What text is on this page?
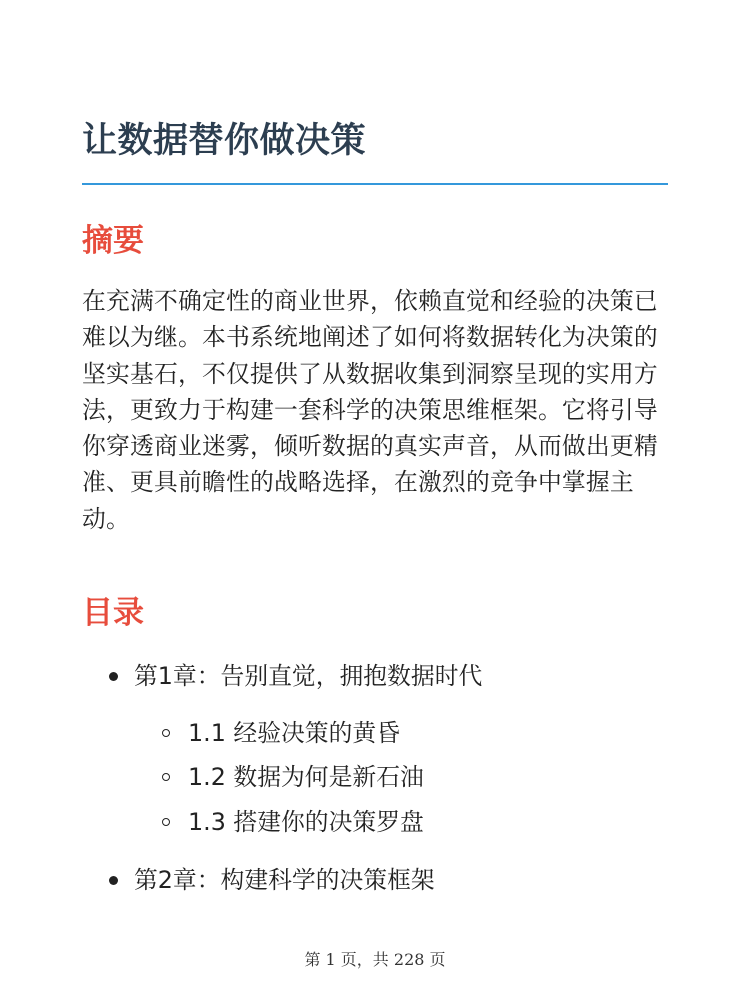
让数据替你做决策
摘要

在充满不确定性的商业世界，依赖直觉和经验的决策已难以为继。本书系统地阐述了如何将数据转化为决策的坚实基石，不仅提供了从数据收集到洞察呈现的实用方法，更致力于构建一套科学的决策思维框架。它将引导你穿透商业迷雾，倾听数据的真实声音，从而做出更精准、更具前瞻性的战略选择，在激烈的竞争中掌握主动。

目录
第1章：告别直觉，拥抱数据时代
1.1 经验决策的黄昏
1.2 数据为何是新石油
1.3 搭建你的决策罗盘
第2章：构建科学的决策框架
第 1 页，共 228 页
